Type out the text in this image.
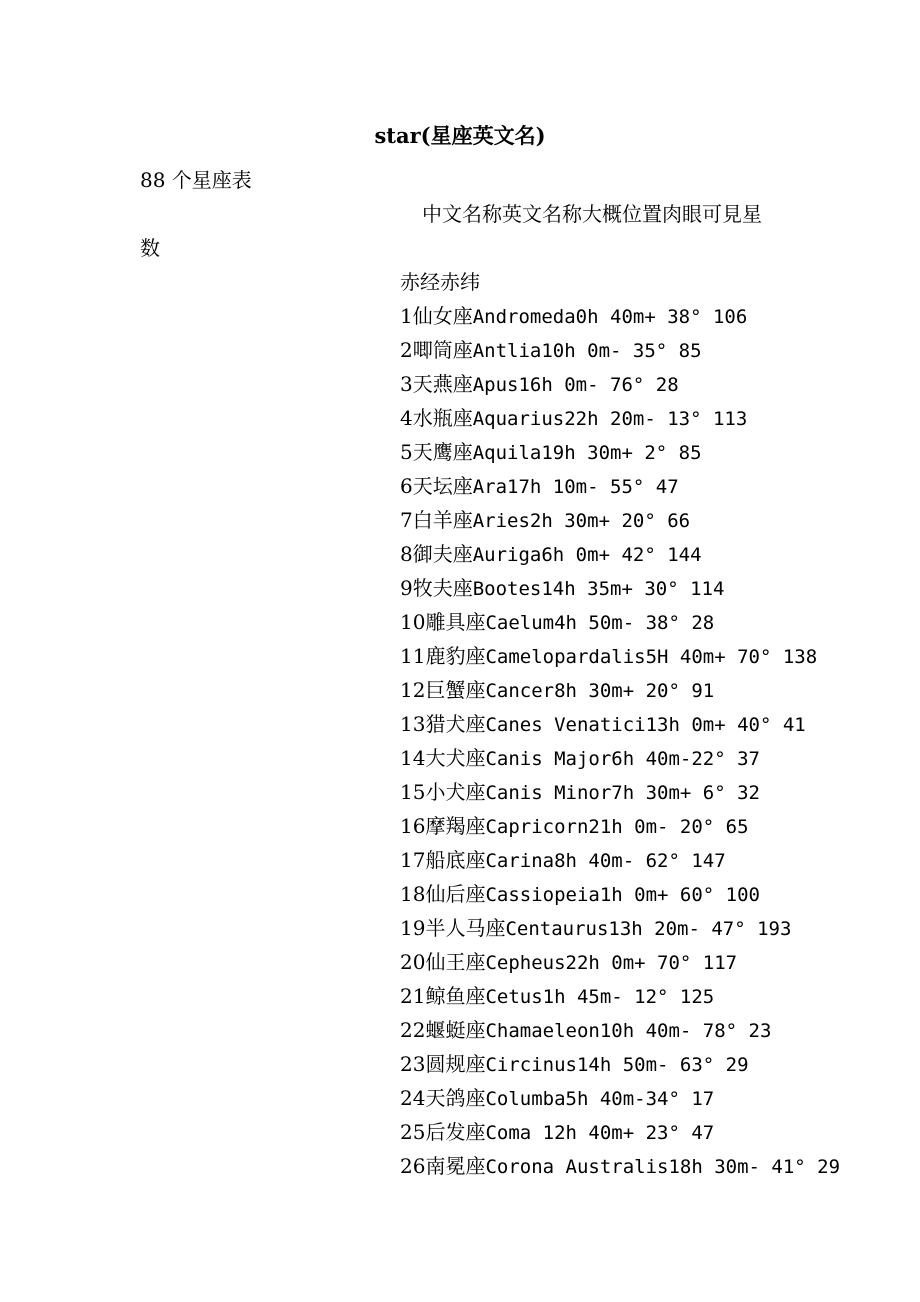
star(星座英文名)
88 个星座表
中文名称英文名称大概位置肉眼可見星
数
赤经赤纬
1仙女座Andromeda0h 40m+ 38° 106
2唧筒座Antlia10h 0m- 35° 85
3天燕座Apus16h 0m- 76° 28
4水瓶座Aquarius22h 20m- 13° 113
5天鹰座Aquila19h 30m+ 2° 85
6天坛座Ara17h 10m- 55° 47
7白羊座Aries2h 30m+ 20° 66
8御夫座Auriga6h 0m+ 42° 144
9牧夫座Bootes14h 35m+ 30° 114
10雕具座Caelum4h 50m- 38° 28
11鹿豹座Camelopardalis5H 40m+ 70° 138
12巨蟹座Cancer8h 30m+ 20° 91
13猎犬座Canes Venatici13h 0m+ 40° 41
14大犬座Canis Major6h 40m-22° 37
15小犬座Canis Minor7h 30m+ 6° 32
16摩羯座Capricorn21h 0m- 20° 65
17船底座Carina8h 40m- 62° 147
18仙后座Cassiopeia1h 0m+ 60° 100
19半人马座Centaurus13h 20m- 47° 193
20仙王座Cepheus22h 0m+ 70° 117
21鲸鱼座Cetus1h 45m- 12° 125
22蝘蜓座Chamaeleon10h 40m- 78° 23
23圆规座Circinus14h 50m- 63° 29
24天鸽座Columba5h 40m-34° 17
25后发座Coma 12h 40m+ 23° 47
26南冕座Corona Australis18h 30m- 41° 29
